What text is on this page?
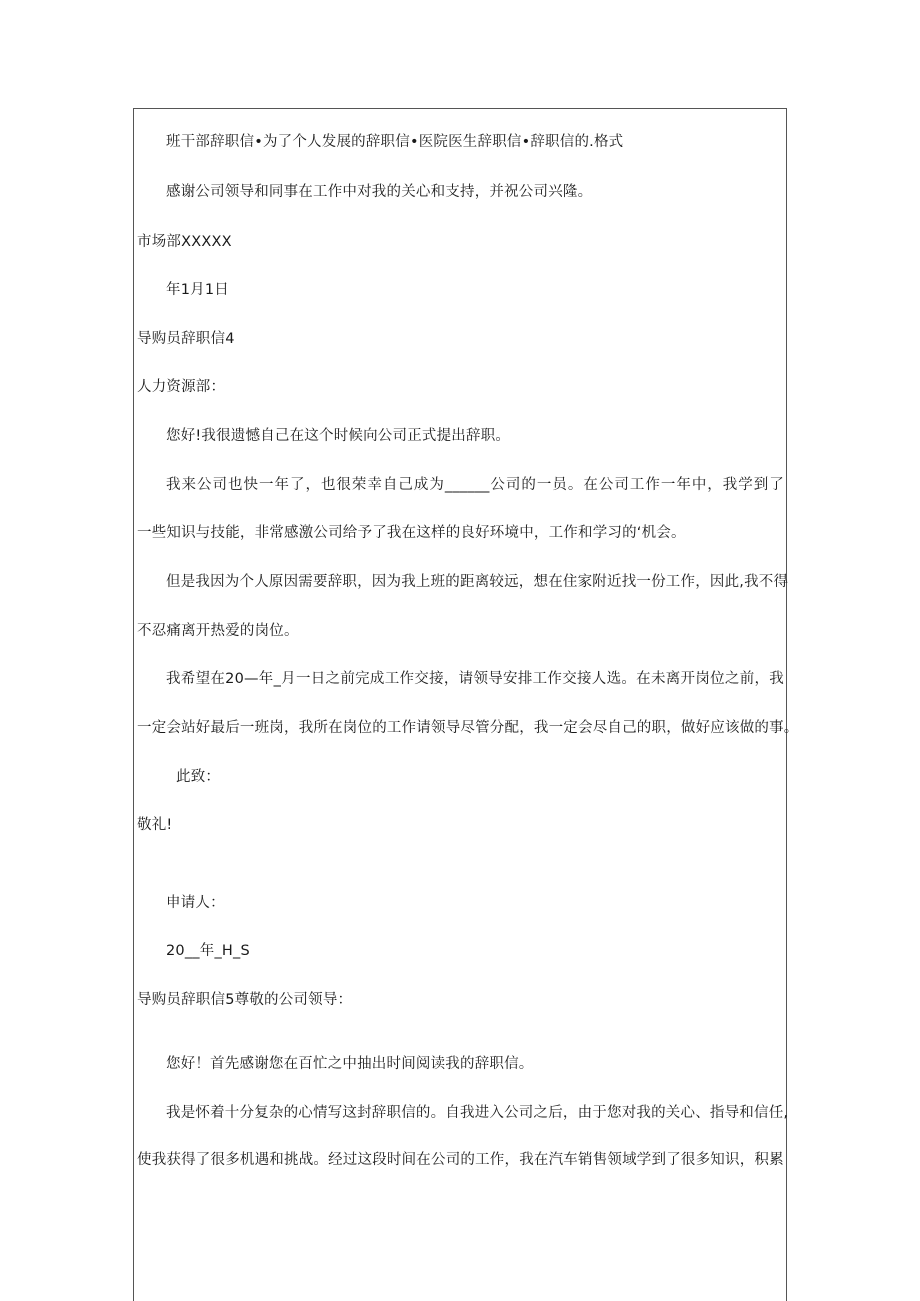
班干部辞职信•为了个人发展的辞职信•医院医生辞职信•辞职信的.格式
感谢公司领导和同事在工作中对我的关心和支持，并祝公司兴隆。
市场部XXXXX
年1月1日
导购员辞职信4
人力资源部：
您好!我很遗憾自己在这个时候向公司正式提出辞职。
我来公司也快一年了，也很荣幸自己成为______公司的一员。在公司工作一年中，我学到了
一些知识与技能，非常感激公司给予了我在这样的良好环境中，工作和学习的‘机会。
但是我因为个人原因需要辞职，因为我上班的距离较远，想在住家附近找一份工作，因此,我不得
不忍痛离开热爱的岗位。
我希望在20—年_月一日之前完成工作交接，请领导安排工作交接人选。在未离开岗位之前，我
一定会站好最后一班岗，我所在岗位的工作请领导尽管分配，我一定会尽自己的职，做好应该做的事。
此致：
敬礼!
申请人：
20__年_H_S
导购员辞职信5尊敬的公司领导：
您好！首先感谢您在百忙之中抽出时间阅读我的辞职信。
我是怀着十分复杂的心情写这封辞职信的。自我进入公司之后，由于您对我的关心、指导和信任,
使我获得了很多机遇和挑战。经过这段时间在公司的工作，我在汽车销售领域学到了很多知识，积累
